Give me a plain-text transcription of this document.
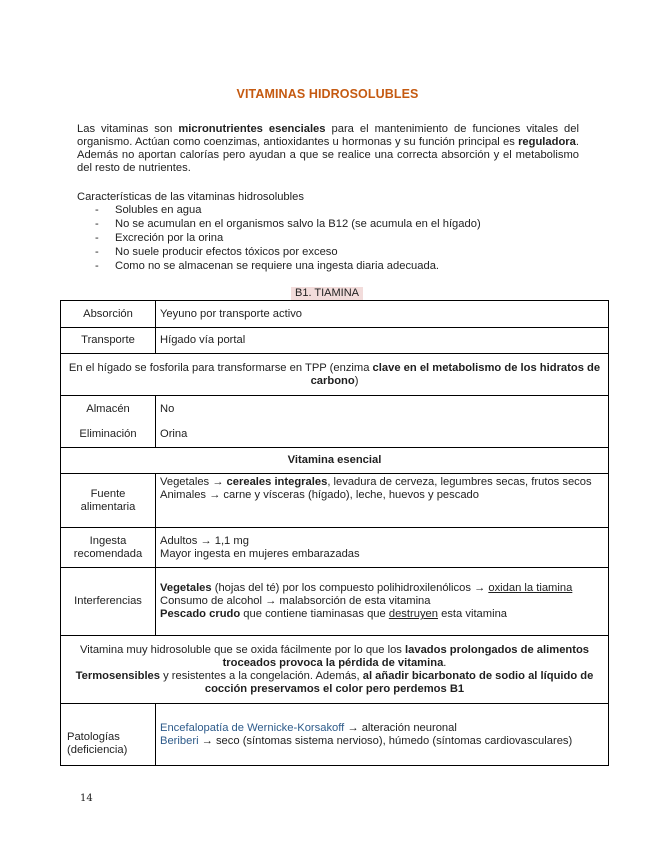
VITAMINAS HIDROSOLUBLES
Las vitaminas son micronutrientes esenciales para el mantenimiento de funciones vitales del organismo. Actúan como coenzimas, antioxidantes u hormonas y su función principal es reguladora. Además no aportan calorías pero ayudan a que se realice una correcta absorción y el metabolismo del resto de nutrientes.
Características de las vitaminas hidrosolubles
- Solubles en agua
- No se acumulan en el organismos salvo la B12 (se acumula en el hígado)
- Excreción por la orina
- No suele producir efectos tóxicos por exceso
- Como no se almacenan se requiere una ingesta diaria adecuada.
B1. TIAMINA
Absorción	Yeyuno por transporte activo
Transporte	Hígado vía portal
En el hígado se fosforila para transformarse en TPP (enzima clave en el metabolismo de los hidratos de carbono)	
Almacén	No
Eliminación	Orina
Vitamina esencial	
Fuente alimentaria	Vegetales → cereales integrales, levadura de cerveza, legumbres secas, frutos secos
Animales → carne y vísceras (hígado), leche, huevos y pescado

Ingesta recomendada	Adultos → 1,1 mg
Mayor ingesta en mujeres embarazadas

Interferencias	Vegetales (hojas del té) por los compuesto polihidroxilenólicos → oxidan la tiamina
Consumo de alcohol → malabsorción de esta vitamina
Pescado crudo que contiene tiaminasas que destruyen esta vitamina

Vitamina muy hidrosoluble que se oxida fácilmente por lo que los lavados prolongados de alimentos troceados provoca la pérdida de vitamina.
Termosensibles y resistentes a la congelación. Además, al añadir bicarbonato de sodio al líquido de cocción preservamos el color pero perdemos B1	

Patologías (deficiencia)	Encefalopatía de Wernicke-Korsakoff → alteración neuronal
Beriberi → seco (síntomas sistema nervioso), húmedo (síntomas cardiovasculares)
14
